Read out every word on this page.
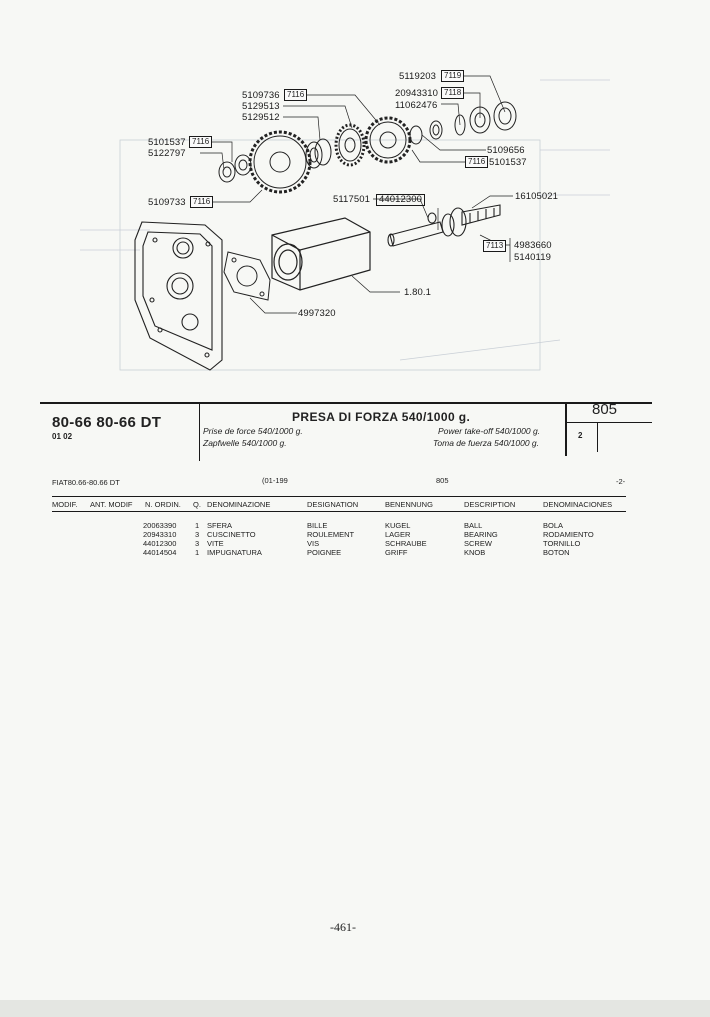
5119203	7119
20943310 7118
11062476
5109736 7116
5129513
5129512
5101537 7116
5122797	5109656
7116 5101537
16105021
5109733 7116	5117501 44012300
7113	4983660
5140119
1.80.1
4997320
80-66 80-66 DT
01 02
PRESA DI FORZA 540/1000 g.
Prise de force 540/1000 g.
Zapfwelle 540/1000 g.
Power take-off 540/1000 g.
Toma de fuerza 540/1000 g.
805
2
FIAT80.66-80.66 DT	(01-199	805	-2-
MODIF. ANT. MODIF N. ORDIN. Q. DENOMINAZIONE	DESIGNATION	BENENNUNG	DESCRIPTION	DENOMINACIONES
20063390 1 SFERA	BILLE	KUGEL	BALL	BOLA
20943310 3 CUSCINETTO	ROULEMENT	LAGER	BEARING	RODAMIENTO
44012300 3 VITE	VIS	SCHRAUBE	SCREW	TORNILLO
44014504 1 IMPUGNATURA	POIGNEE	GRIFF	KNOB	BOTON
-461-
